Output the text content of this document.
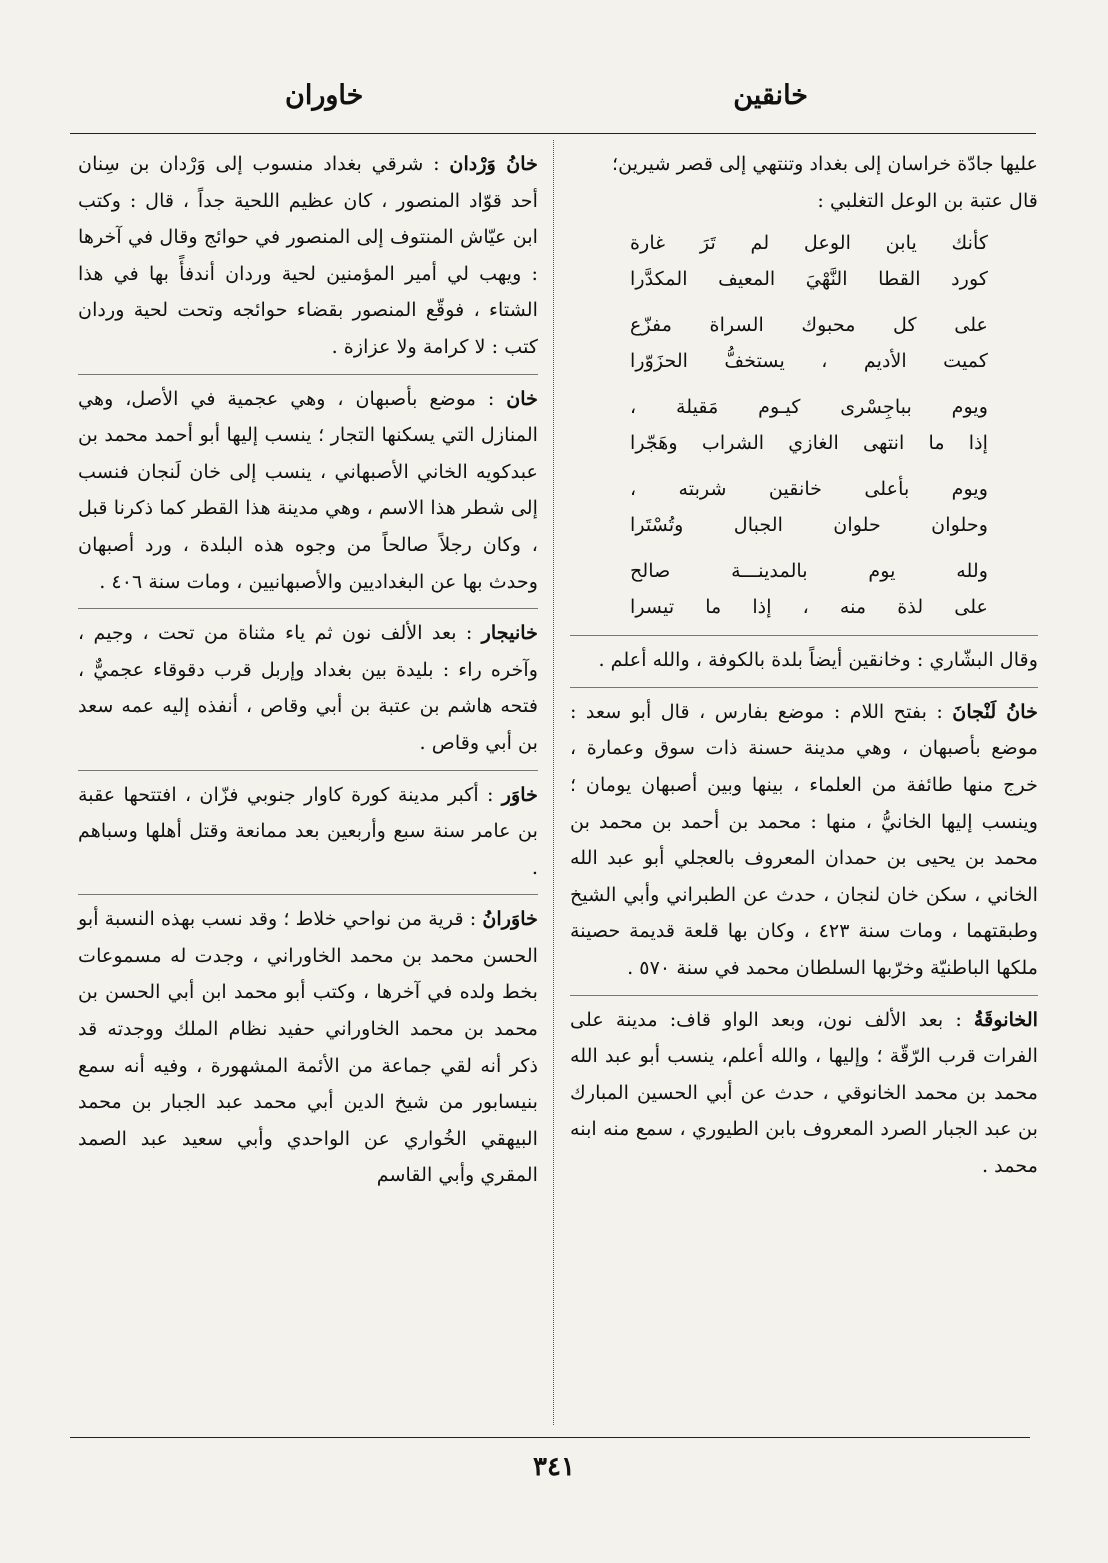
خانقين
خاوران

عليها جادّة خراسان إلى بغداد وتنتهي إلى قصر شيرين؛

قال عتبة بن الوعل التغلبي :

كأنك يابن الوعل لم تَرَ غارة
كورد القطا النَّهْيَ المعيف المكدَّرا
على كل محبوك السراة مفزّع
كميت الأديم ، يستخفُّ الحزَوّرا
ويوم بباجِسْرى كيـوم مَقيلة ،
إذا ما انتهى الغازي الشراب وهَجّرا
ويوم بأعلى خانقين شربته ،
وحلوان حلوان الجبال وتُسْتَرا
ولله يوم بالمدينـــة صالح
على لذة منه ، إذا ما تيسرا

وقال البشّاري : وخانقين أيضاً بلدة بالكوفة ، والله أعلم .

خانُ لَنْجانَ : بفتح اللام : موضع بفارس ، قال أبو سعد : موضع بأصبهان ، وهي مدينة حسنة ذات سوق وعمارة ، خرج منها طائفة من العلماء ، بينها وبين أصبهان يومان ؛ وينسب إليها الخانيُّ ، منها : محمد بن أحمد بن محمد بن محمد بن يحيى بن حمدان المعروف بالعجلي أبو عبد الله الخاني ، سكن خان لنجان ، حدث عن الطبراني وأبي الشيخ وطبقتهما ، ومات سنة ٤٢٣ ، وكان بها قلعة قديمة حصينة ملكها الباطنيّة وخرّبها السلطان محمد في سنة ٥٧٠ .

الخانوقَةُ : بعد الألف نون، وبعد الواو قاف: مدينة على الفرات قرب الرّقّة ؛ وإليها ، والله أعلم، ينسب أبو عبد الله محمد بن محمد الخانوقي ، حدث عن أبي الحسين المبارك بن عبد الجبار الصرد المعروف بابن الطيوري ، سمع منه ابنه محمد .

خانُ وَرْدان : شرقي بغداد منسوب إلى وَرْدان بن سِنان أحد قوّاد المنصور ، كان عظيم اللحية جداً ، قال : وكتب ابن عيّاش المنتوف إلى المنصور في حوائج وقال في آخرها : ويهب لي أمير المؤمنين لحية وردان أندفأً بها في هذا الشتاء ، فوقّع المنصور بقضاء حوائجه وتحت لحية وردان كتب : لا كرامة ولا عزازة .

خان : موضع بأصبهان ، وهي عجمية في الأصل، وهي المنازل التي يسكنها التجار ؛ ينسب إليها أبو أحمد محمد بن عبدكويه الخاني الأصبهاني ، ينسب إلى خان لَنجان فنسب إلى شطر هذا الاسم ، وهي مدينة هذا القطر كما ذكرنا قبل ، وكان رجلاً صالحاً من وجوه هذه البلدة ، ورد أصبهان وحدث بها عن البغداديين والأصبهانيين ، ومات سنة ٤٠٦ .

خانيجار : بعد الألف نون ثم ياء مثناة من تحت ، وجيم ، وآخره راء : بليدة بين بغداد وإربل قرب دقوقاء عجميٌّ ، فتحه هاشم بن عتبة بن أبي وقاص ، أنفذه إليه عمه سعد بن أبي وقاص .

خاوَر : أكبر مدينة كورة كاوار جنوبي فزّان ، افتتحها عقبة بن عامر سنة سبع وأربعين بعد ممانعة وقتل أهلها وسباهم .

خاوَرانُ : قرية من نواحي خلاط ؛ وقد نسب بهذه النسبة أبو الحسن محمد بن محمد الخاوراني ، وجدت له مسموعات بخط ولده في آخرها ، وكتب أبو محمد ابن أبي الحسن بن محمد بن محمد الخاوراني حفيد نظام الملك ووجدته قد ذكر أنه لقي جماعة من الأئمة المشهورة ، وفيه أنه سمع بنيسابور من شيخ الدين أبي محمد عبد الجبار بن محمد البيهقي الخُواري عن الواحدي وأبي سعيد عبد الصمد المقري وأبي القاسم

٣٤١
